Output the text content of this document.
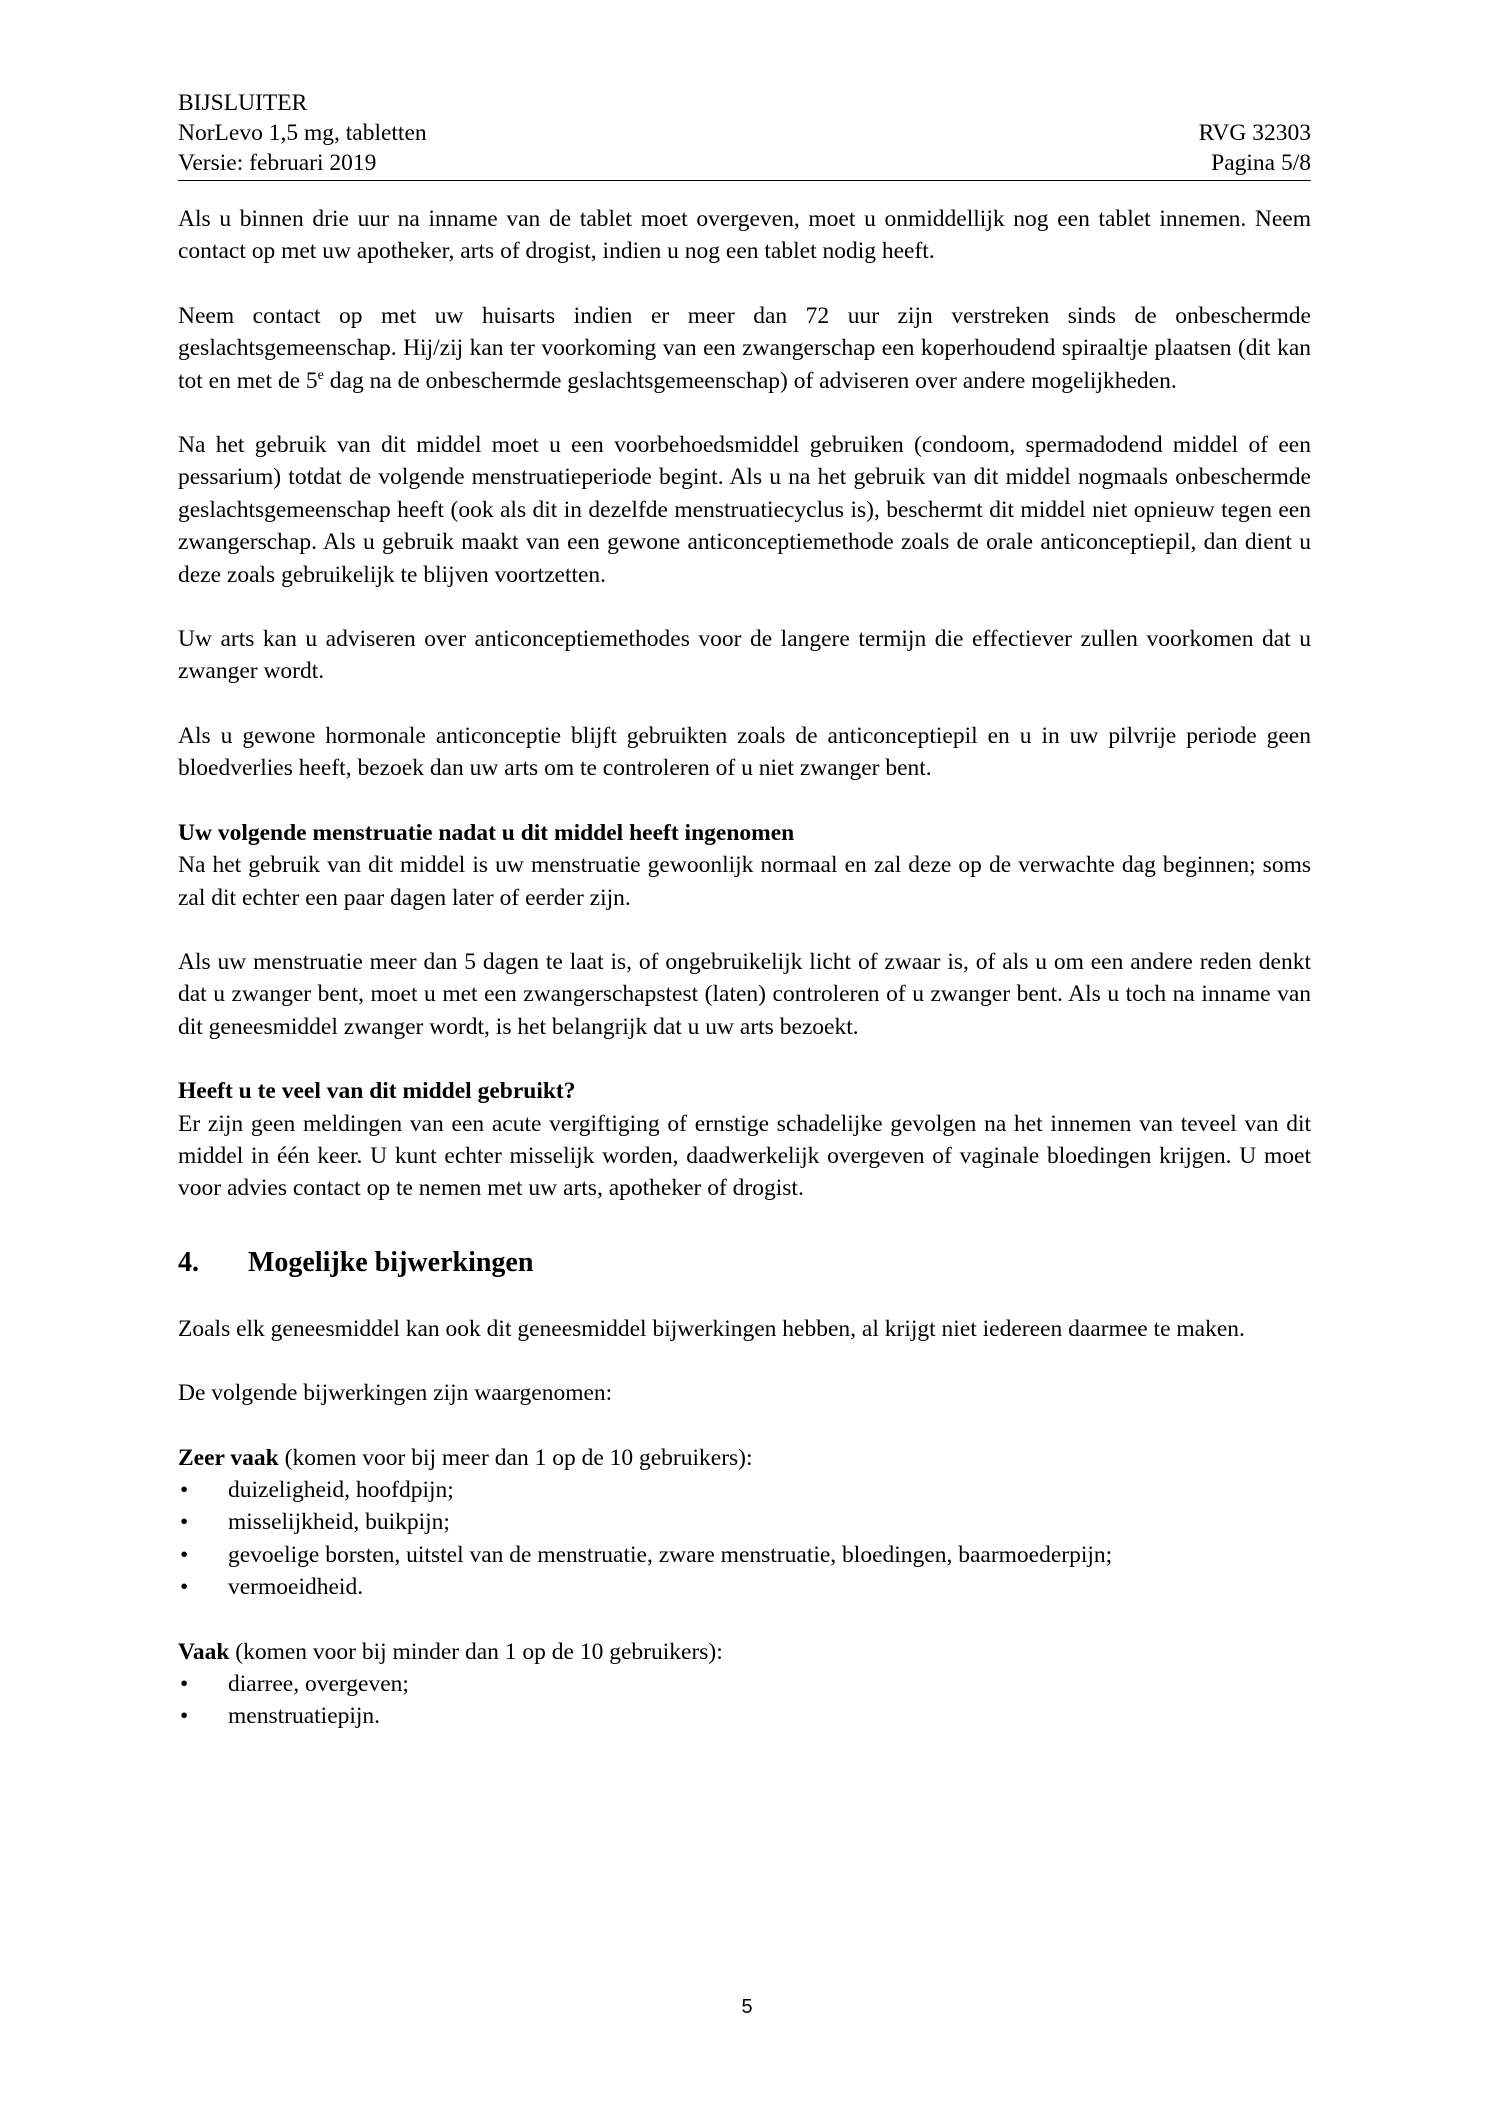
BIJSLUITER
NorLevo 1,5 mg, tabletten	RVG 32303
Versie: februari 2019	Pagina 5/8

Als u binnen drie uur na inname van de tablet moet overgeven, moet u onmiddellijk nog een tablet innemen. Neem contact op met uw apotheker, arts of drogist, indien u nog een tablet nodig heeft.

Neem contact op met uw huisarts indien er meer dan 72 uur zijn verstreken sinds de onbeschermde geslachtsgemeenschap. Hij/zij kan ter voorkoming van een zwangerschap een koperhoudend spiraaltje plaatsen (dit kan tot en met de 5e dag na de onbeschermde geslachtsgemeenschap) of adviseren over andere mogelijkheden.

Na het gebruik van dit middel moet u een voorbehoedsmiddel gebruiken (condoom, spermadodend middel of een pessarium) totdat de volgende menstruatieperiode begint. Als u na het gebruik van dit middel nogmaals onbeschermde geslachtsgemeenschap heeft (ook als dit in dezelfde menstruatiecyclus is), beschermt dit middel niet opnieuw tegen een zwangerschap. Als u gebruik maakt van een gewone anticonceptiemethode zoals de orale anticonceptiepil, dan dient u deze zoals gebruikelijk te blijven voortzetten.

Uw arts kan u adviseren over anticonceptiemethodes voor de langere termijn die effectiever zullen voorkomen dat u zwanger wordt.

Als u gewone hormonale anticonceptie blijft gebruikten zoals de anticonceptiepil en u in uw pilvrije periode geen bloedverlies heeft, bezoek dan uw arts om te controleren of u niet zwanger bent.

Uw volgende menstruatie nadat u dit middel heeft ingenomen

Na het gebruik van dit middel is uw menstruatie gewoonlijk normaal en zal deze op de verwachte dag beginnen; soms zal dit echter een paar dagen later of eerder zijn.

Als uw menstruatie meer dan 5 dagen te laat is, of ongebruikelijk licht of zwaar is, of als u om een andere reden denkt dat u zwanger bent, moet u met een zwangerschapstest (laten) controleren of u zwanger bent. Als u toch na inname van dit geneesmiddel zwanger wordt, is het belangrijk dat u uw arts bezoekt.

Heeft u te veel van dit middel gebruikt?

Er zijn geen meldingen van een acute vergiftiging of ernstige schadelijke gevolgen na het innemen van teveel van dit middel in één keer. U kunt echter misselijk worden, daadwerkelijk overgeven of vaginale bloedingen krijgen. U moet voor advies contact op te nemen met uw arts, apotheker of drogist.

4.	Mogelijke bijwerkingen

Zoals elk geneesmiddel kan ook dit geneesmiddel bijwerkingen hebben, al krijgt niet iedereen daarmee te maken.

De volgende bijwerkingen zijn waargenomen:

Zeer vaak (komen voor bij meer dan 1 op de 10 gebruikers):

•	duizeligheid, hoofdpijn;
•	misselijkheid, buikpijn;
•	gevoelige borsten, uitstel van de menstruatie, zware menstruatie, bloedingen, baarmoederpijn;
•	vermoeidheid.

Vaak (komen voor bij minder dan 1 op de 10 gebruikers):

•	diarree, overgeven;
•	menstruatiepijn.
5
